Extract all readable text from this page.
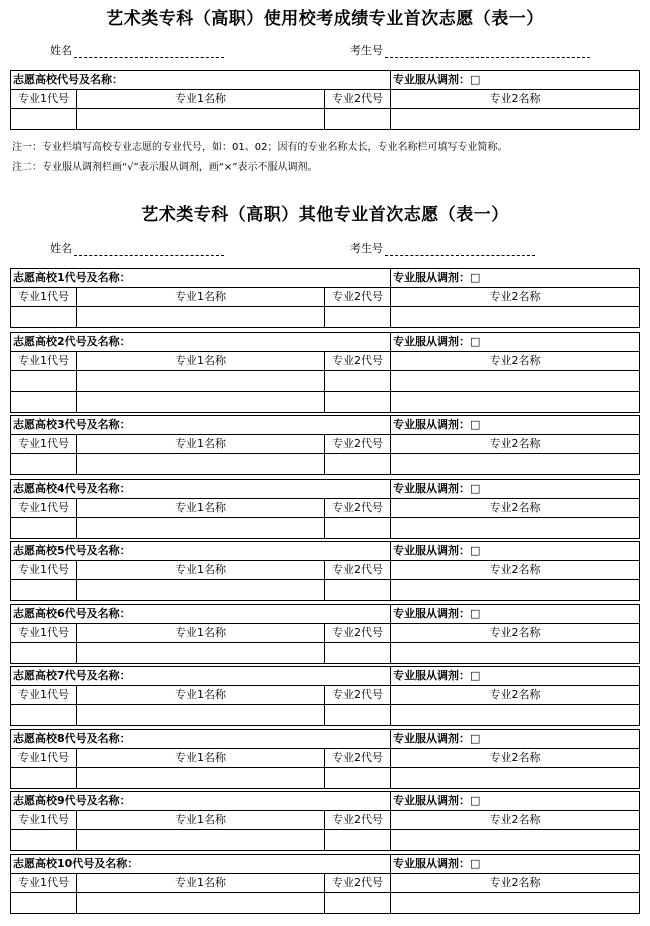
艺术类专科（高职）使用校考成绩专业首次志愿（表一）
姓名	考生号
志愿高校代号及名称：			专业服从调剂：□
专业1代号	专业1名称	专业2代号	专业2名称

注一：专业栏填写高校专业志愿的专业代号，如：01、02；因有的专业名称太长，专业名称栏可填写专业简称。
注二：专业服从调剂栏画“√”表示服从调剂，画“×”表示不服从调剂。
艺术类专科（高职）其他专业首次志愿（表一）
姓名	考生号
志愿高校1代号及名称：			专业服从调剂：□
专业1代号	专业1名称	专业2代号	专业2名称

志愿高校2代号及名称：			专业服从调剂：□
专业1代号	专业1名称	专业2代号	专业2名称

志愿高校3代号及名称：			专业服从调剂：□
专业1代号	专业1名称	专业2代号	专业2名称

志愿高校4代号及名称：			专业服从调剂：□
专业1代号	专业1名称	专业2代号	专业2名称

志愿高校5代号及名称：			专业服从调剂：□
专业1代号	专业1名称	专业2代号	专业2名称

志愿高校6代号及名称：			专业服从调剂：□
专业1代号	专业1名称	专业2代号	专业2名称

志愿高校7代号及名称：			专业服从调剂：□
专业1代号	专业1名称	专业2代号	专业2名称

志愿高校8代号及名称：			专业服从调剂：□
专业1代号	专业1名称	专业2代号	专业2名称

志愿高校9代号及名称：			专业服从调剂：□
专业1代号	专业1名称	专业2代号	专业2名称

志愿高校10代号及名称：			专业服从调剂：□
专业1代号	专业1名称	专业2代号	专业2名称
